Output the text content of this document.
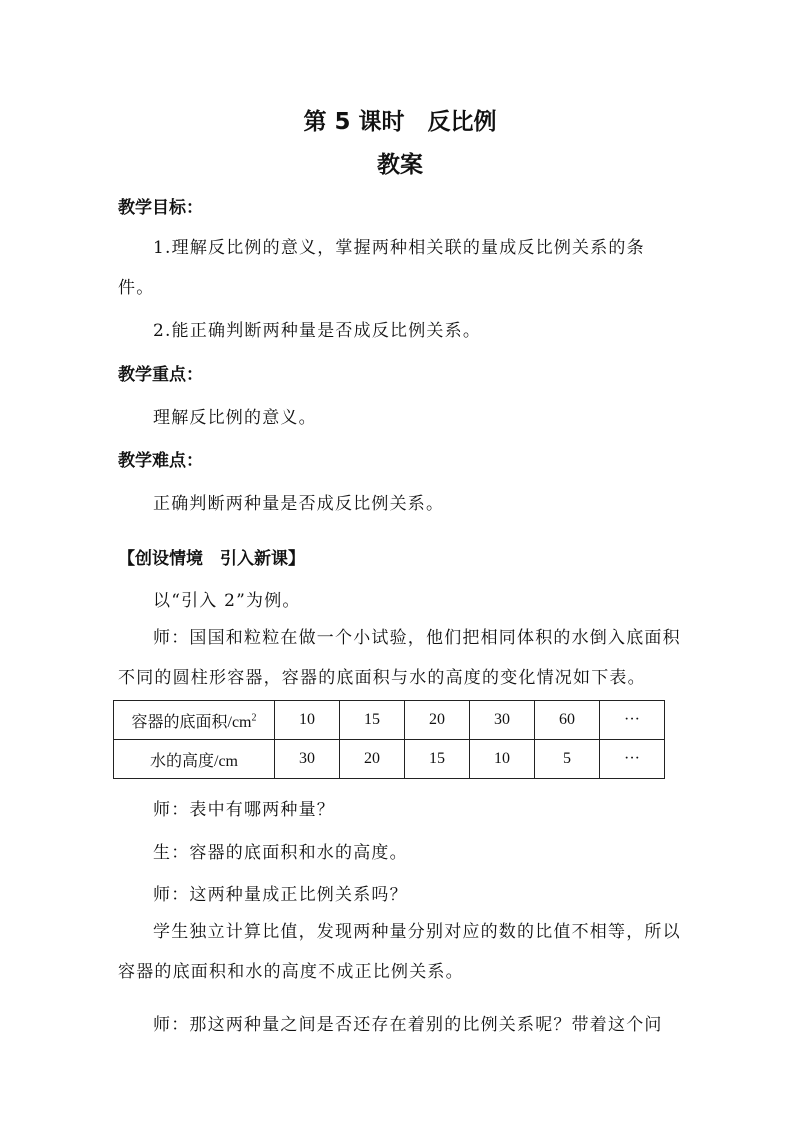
第 5 课时　反比例
教案
教学目标：
1.理解反比例的意义，掌握两种相关联的量成反比例关系的条
件。
2.能正确判断两种量是否成反比例关系。
教学重点：
理解反比例的意义。
教学难点：
正确判断两种量是否成反比例关系。
【创设情境　引入新课】
以“引入 2”为例。
师：国国和粒粒在做一个小试验，他们把相同体积的水倒入底面积不同的圆柱形容器，容器的底面积与水的高度的变化情况如下表。
容器的底面积$/cm^2$	10	15	20	30	60	···
水的高度/cm	30	20	15	10	5	···
师：表中有哪两种量？
生：容器的底面积和水的高度。
师：这两种量成正比例关系吗？
学生独立计算比值，发现两种量分别对应的数的比值不相等，所以容器的底面积和水的高度不成正比例关系。
师：那这两种量之间是否还存在着别的比例关系呢？带着这个问
